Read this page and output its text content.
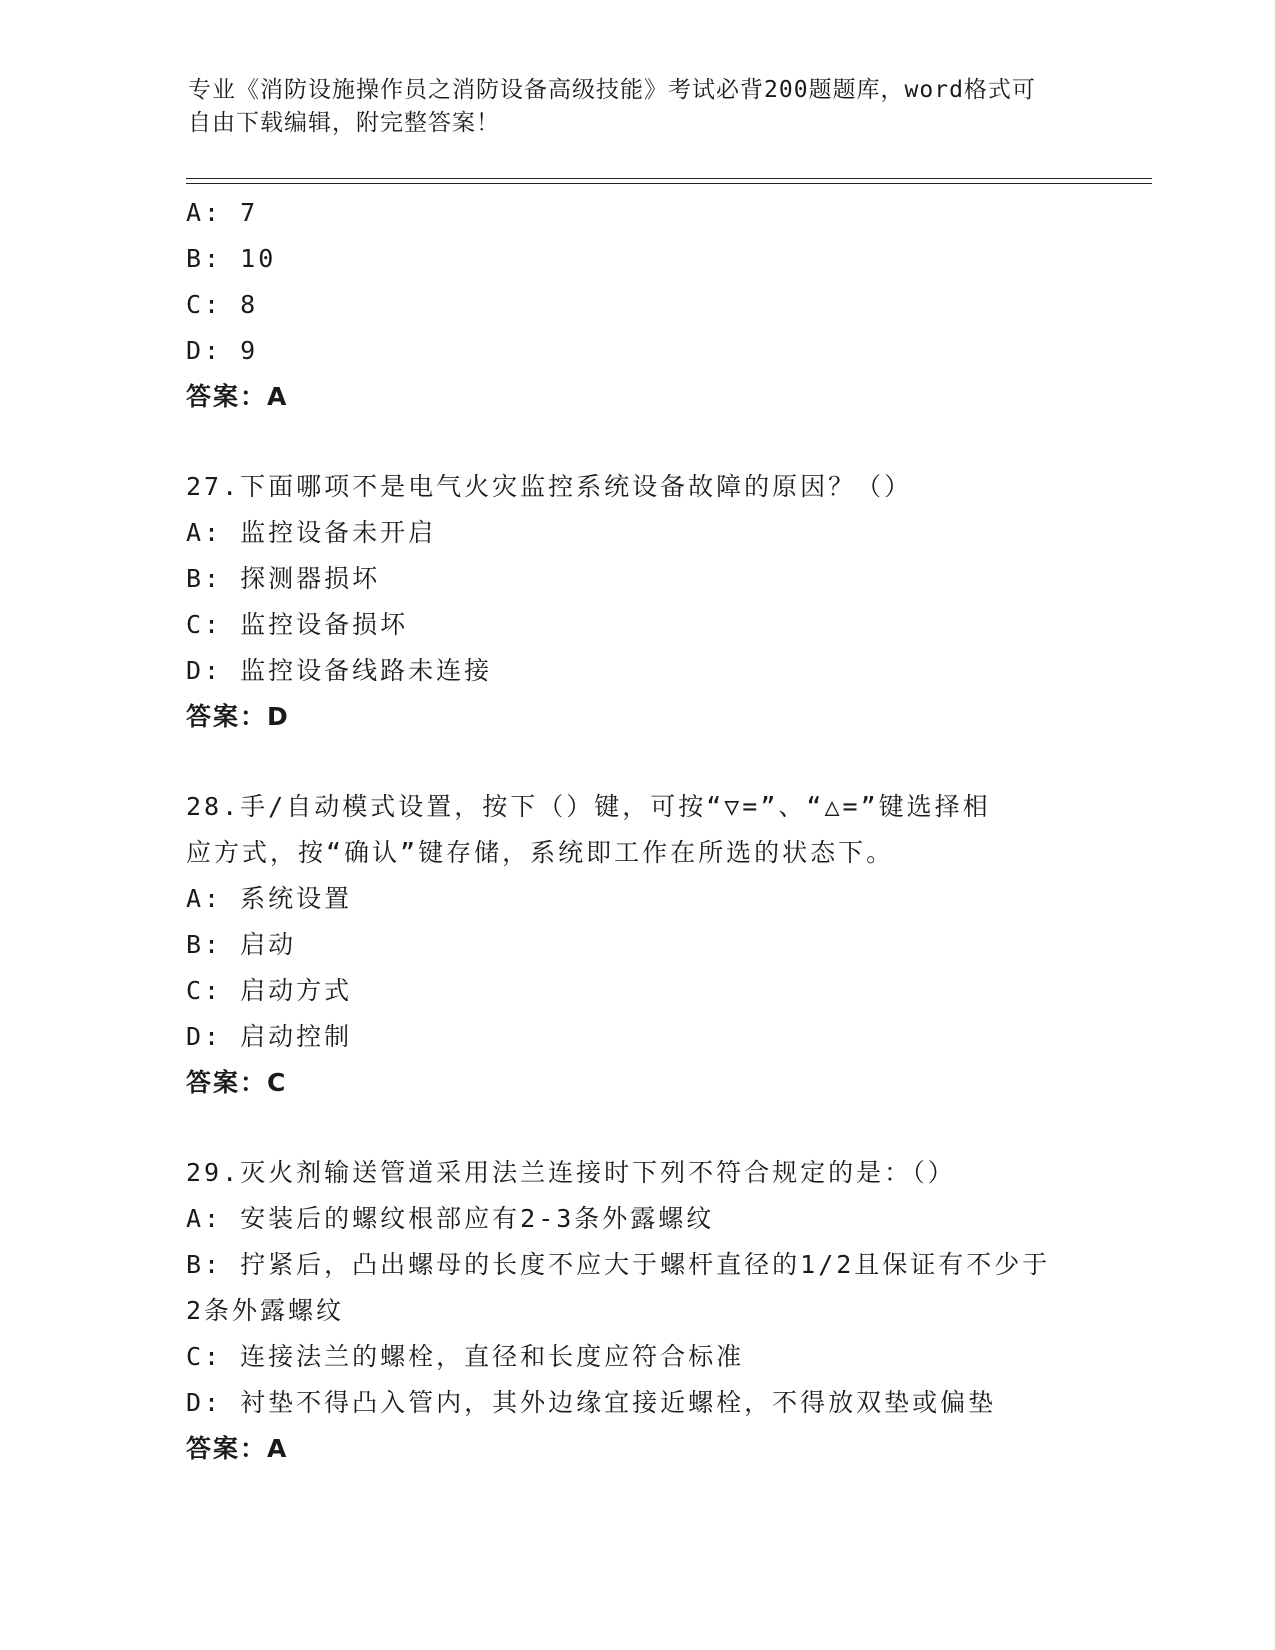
专业《消防设施操作员之消防设备高级技能》考试必背200题题库，word格式可
自由下载编辑，附完整答案！
A: 7
B: 10
C: 8
D: 9
答案：A
27.下面哪项不是电气火灾监控系统设备故障的原因？（）
A: 监控设备未开启
B: 探测器损坏
C: 监控设备损坏
D: 监控设备线路未连接
答案：D
28.手/自动模式设置，按下（）键，可按“▽=”、“△=”键选择相
应方式，按“确认”键存储，系统即工作在所选的状态下。
A: 系统设置
B: 启动
C: 启动方式
D: 启动控制
答案：C
29.灭火剂输送管道采用法兰连接时下列不符合规定的是：（）
A: 安装后的螺纹根部应有2-3条外露螺纹
B: 拧紧后，凸出螺母的长度不应大于螺杆直径的1/2且保证有不少于
2条外露螺纹
C: 连接法兰的螺栓，直径和长度应符合标准
D: 衬垫不得凸入管内，其外边缘宜接近螺栓，不得放双垫或偏垫
答案：A
